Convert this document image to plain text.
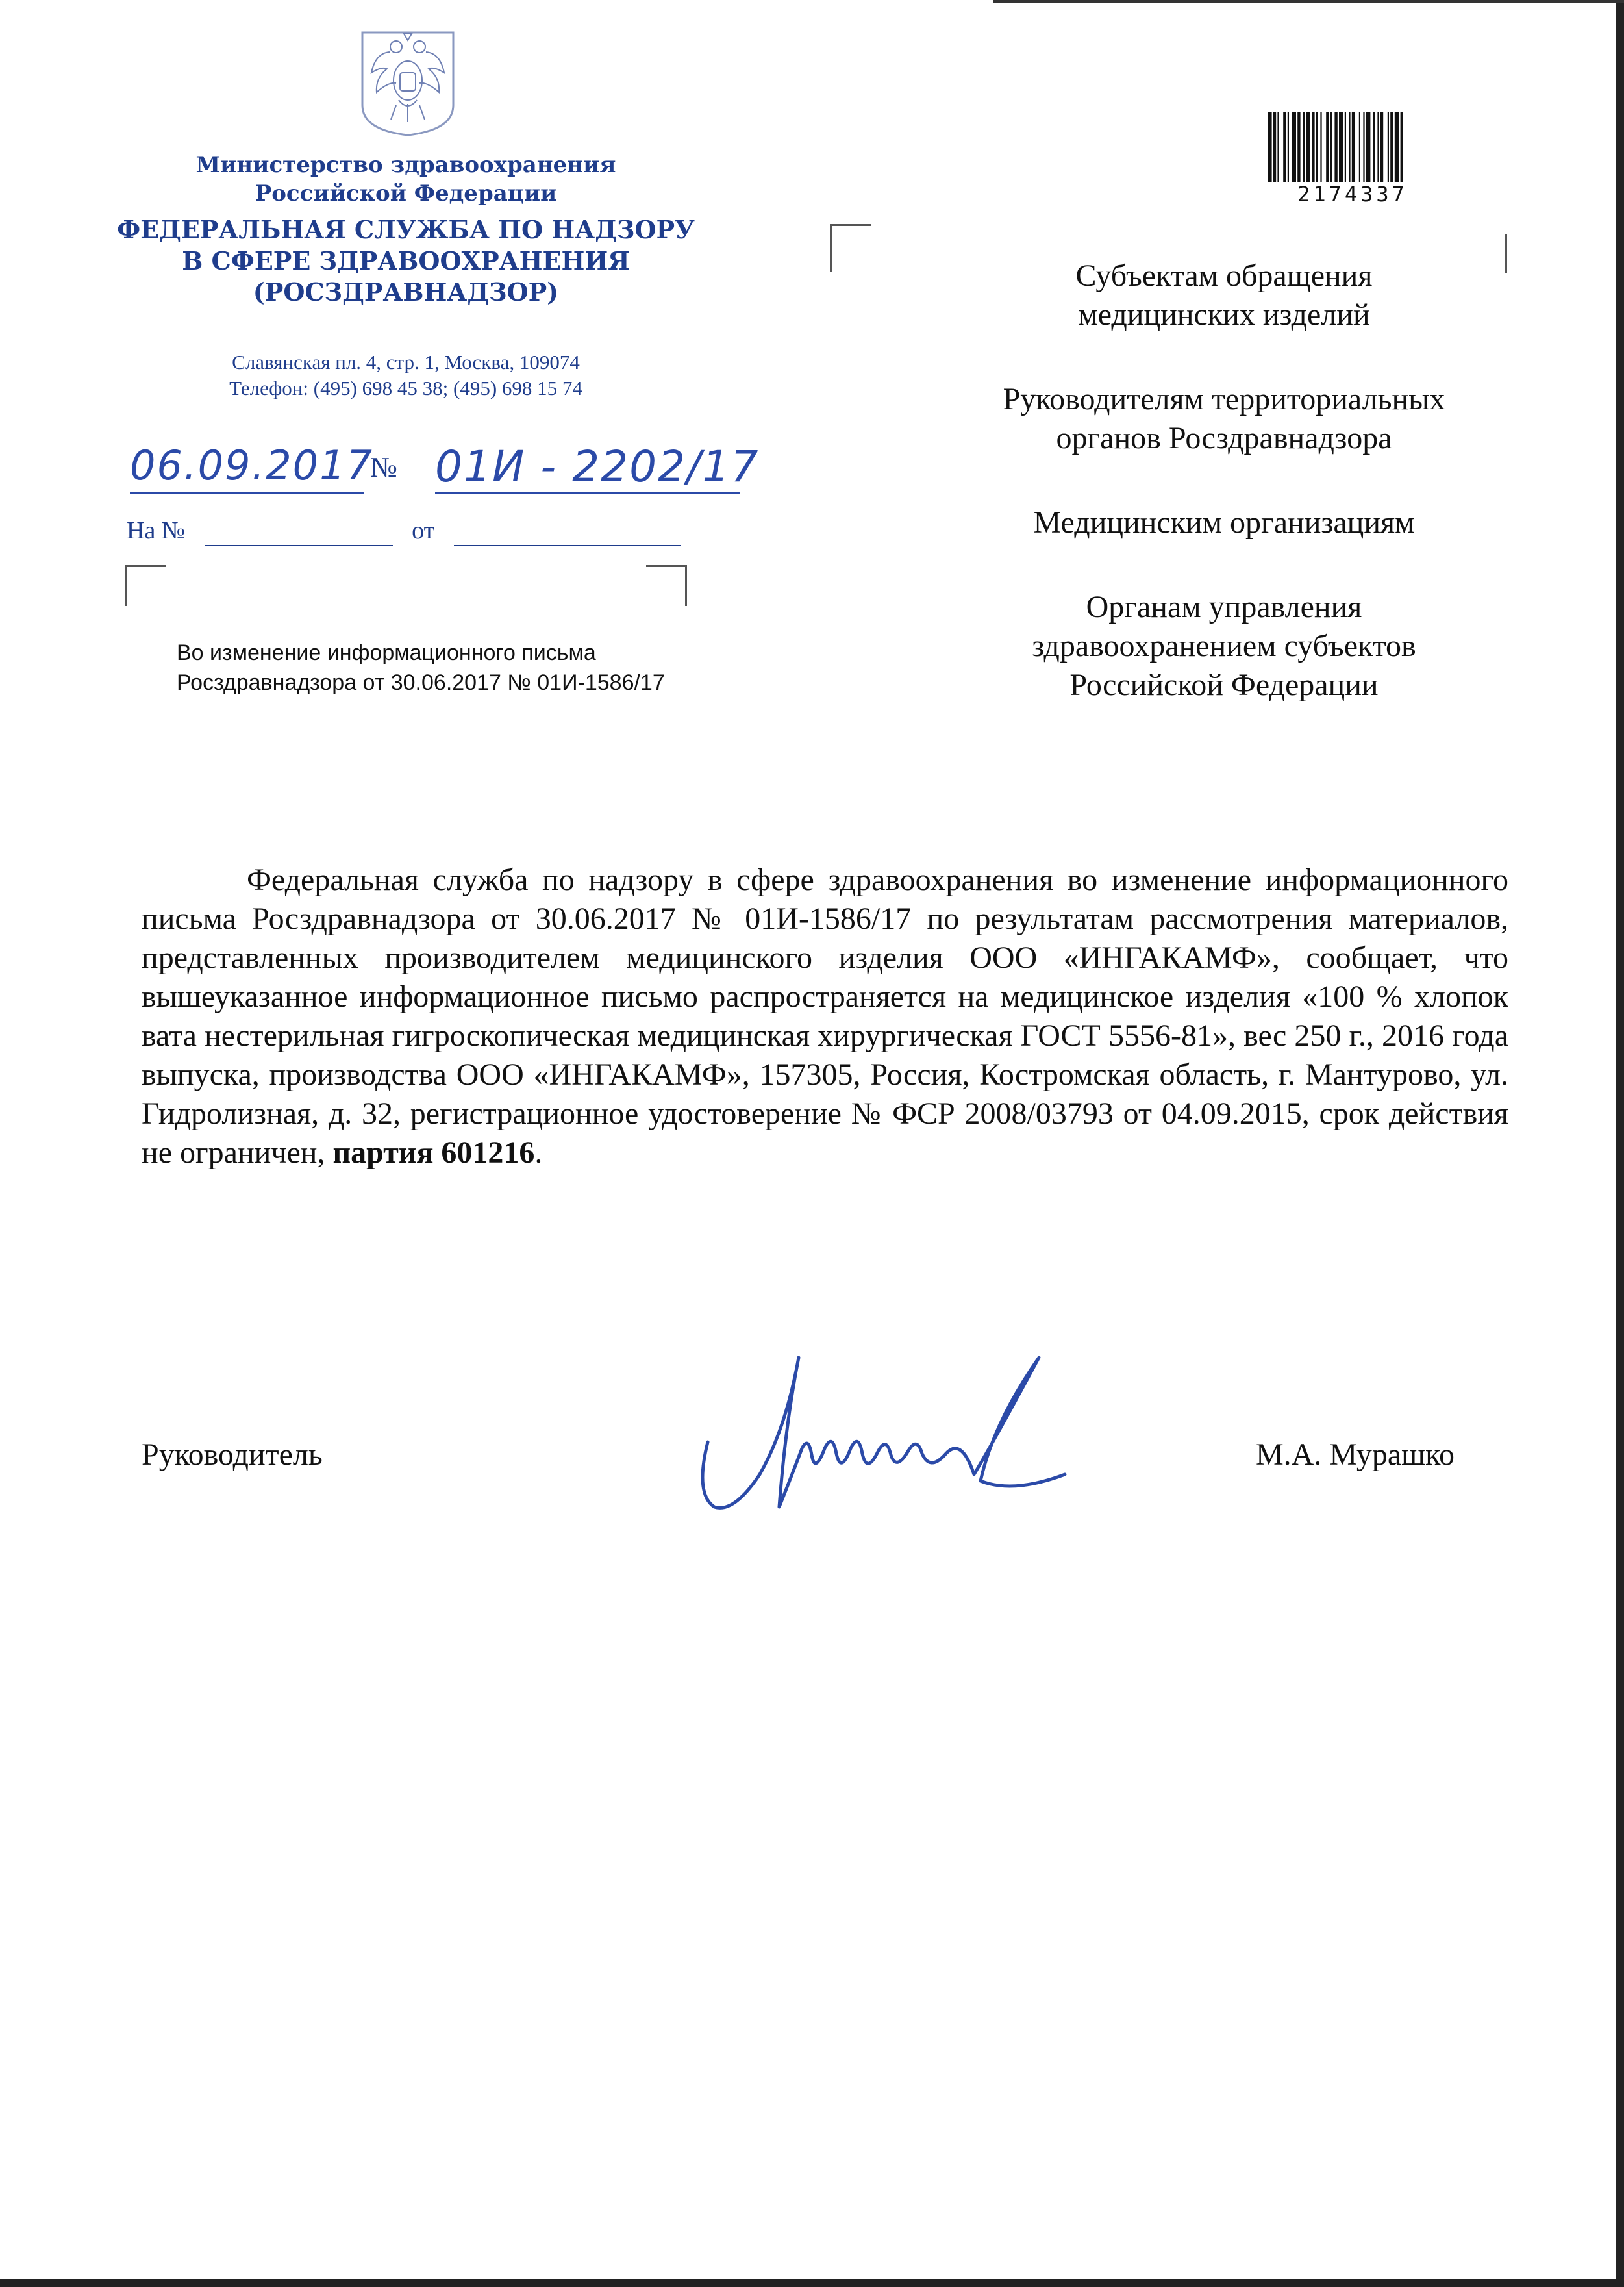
Министерство здравоохранения
Российской Федерации
ФЕДЕРАЛЬНАЯ СЛУЖБА ПО НАДЗОРУ
В СФЕРЕ ЗДРАВООХРАНЕНИЯ
(РОСЗДРАВНАДЗОР)
Славянская пл. 4, стр. 1, Москва, 109074
Телефон: (495) 698 45 38; (495) 698 15 74
06.09.2017
№ 01И - 2202/17
На №	от
Во изменение информационного письма
Росздравнадзора от 30.06.2017 № 01И-1586/17
2174337
Субъектам обращения
медицинских изделий
Руководителям территориальных
органов Росздравнадзора
Медицинским организациям
Органам управления
здравоохранением субъектов
Российской Федерации
Федеральная служба по надзору в сфере здравоохранения во изменение информационного письма Росздравнадзора от 30.06.2017 № 01И-1586/17 по результатам рассмотрения материалов, представленных производителем медицинского изделия ООО «ИНГАКАМФ», сообщает, что вышеуказанное информационное письмо распространяется на медицинское изделия «100 % хлопок вата нестерильная гигроскопическая медицинская хирургическая ГОСТ 5556-81», вес 250 г., 2016 года выпуска, производства ООО «ИНГАКАМФ», 157305, Россия, Костромская область, г. Мантурово, ул. Гидролизная, д. 32, регистрационное удостоверение № ФСР 2008/03793 от 04.09.2015, срок действия не ограничен, партия 601216.
Руководитель	М.А. Мурашко
